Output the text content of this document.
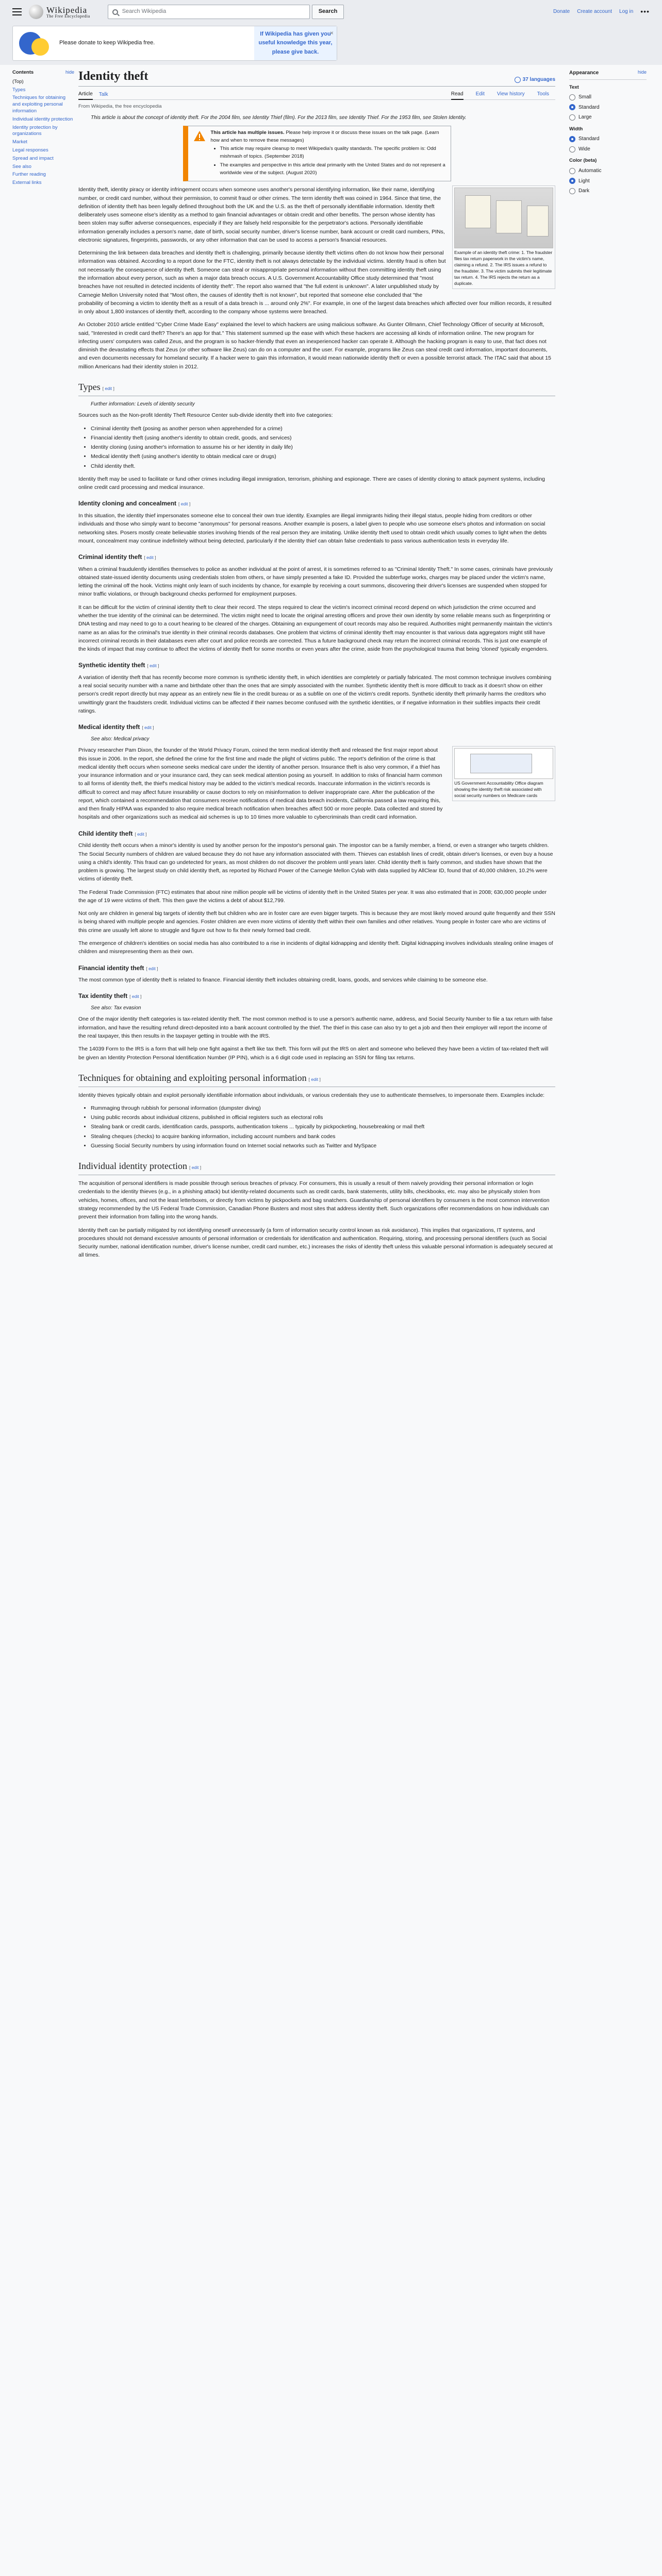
Wikipedia
The Free Encyclopedia
Search Wikipedia	Search	Donate Create account Log in •••
Please donate to keep Wikipedia free.
If Wikipedia has given you useful knowledge this year, please give back.
×
Contents	hide
(Top)
Types
Techniques for obtaining and exploiting personal information
Individual identity protection
Identity protection by organizations
Market
Legal responses
Spread and impact
See also
Further reading
External links
Identity theft	37 languages
Article Talk	Read Edit View history Tools
From Wikipedia, the free encyclopedia
This article is about the concept of identity theft. For the 2004 film, see Identity Thief (film). For the 2013 film, see Identity Thief. For the 1953 film, see Stolen Identity.
This article has multiple issues. Please help improve it or discuss these issues on the talk page. (Learn how and when to remove these messages)
• This article may require cleanup to meet Wikipedia's quality standards. The specific problem is: Odd mishmash of topics. (September 2018)
• The examples and perspective in this article deal primarily with the United States and do not represent a worldwide view of the subject. (August 2020)
Example of an identity theft crime: 1. The fraudster files tax return paperwork in the victim's name, claiming a refund. 2. The IRS issues a refund to the fraudster. 3. The victim submits their legitimate tax return. 4. The IRS rejects the return as a duplicate.

Identity theft, identity piracy or identity infringement occurs when someone uses another's personal identifying information, like their name, identifying number, or credit card number, without their permission, to commit fraud or other crimes. The term identity theft was coined in 1964. Since that time, the definition of identity theft has been legally defined throughout both the UK and the U.S. as the theft of personally identifiable information. Identity theft deliberately uses someone else's identity as a method to gain financial advantages or obtain credit and other benefits. The person whose identity has been stolen may suffer adverse consequences, especially if they are falsely held responsible for the perpetrator's actions. Personally identifiable information generally includes a person's name, date of birth, social security number, driver's license number, bank account or credit card numbers, PINs, electronic signatures, fingerprints, passwords, or any other information that can be used to access a person's financial resources.

Determining the link between data breaches and identity theft is challenging, primarily because identity theft victims often do not know how their personal information was obtained. According to a report done for the FTC, identity theft is not always detectable by the individual victims. Identity fraud is often but not necessarily the consequence of identity theft. Someone can steal or misappropriate personal information without then committing identity theft using the information about every person, such as when a major data breach occurs. A U.S. Government Accountability Office study determined that "most breaches have not resulted in detected incidents of identity theft". The report also warned that "the full extent is unknown". A later unpublished study by Carnegie Mellon University noted that "Most often, the causes of identity theft is not known", but reported that someone else concluded that "the probability of becoming a victim to identity theft as a result of a data breach is ... around only 2%". For example, in one of the largest data breaches which affected over four million records, it resulted in only about 1,800 instances of identity theft, according to the company whose systems were breached.

An October 2010 article entitled "Cyber Crime Made Easy" explained the level to which hackers are using malicious software. As Gunter Ollmann, Chief Technology Officer of security at Microsoft, said, "Interested in credit card theft? There's an app for that." This statement summed up the ease with which these hackers are accessing all kinds of information online. The new program for infecting users' computers was called Zeus, and the program is so hacker-friendly that even an inexperienced hacker can operate it. Although the hacking program is easy to use, that fact does not diminish the devastating effects that Zeus (or other software like Zeus) can do on a computer and the user. For example, programs like Zeus can steal credit card information, important documents, and even documents necessary for homeland security. If a hacker were to gain this information, it would mean nationwide identity theft or even a possible terrorist attack. The ITAC said that about 15 million Americans had their identity stolen in 2012.

Types [ edit ]
Further information: Levels of identity security

Sources such as the Non-profit Identity Theft Resource Center sub-divide identity theft into five categories:

• Criminal identity theft (posing as another person when apprehended for a crime)
• Financial identity theft (using another's identity to obtain credit, goods, and services)
• Identity cloning (using another's information to assume his or her identity in daily life)
• Medical identity theft (using another's identity to obtain medical care or drugs)
• Child identity theft.

Identity theft may be used to facilitate or fund other crimes including illegal immigration, terrorism, phishing and espionage. There are cases of identity cloning to attack payment systems, including online credit card processing and medical insurance.

Identity cloning and concealment [ edit ]

In this situation, the identity thief impersonates someone else to conceal their own true identity. Examples are illegal immigrants hiding their illegal status, people hiding from creditors or other individuals and those who simply want to become "anonymous" for personal reasons. Another example is posers, a label given to people who use someone else's photos and information on social networking sites. Posers mostly create believable stories involving friends of the real person they are imitating. Unlike identity theft used to obtain credit which usually comes to light when the debts mount, concealment may continue indefinitely without being detected, particularly if the identity thief can obtain false credentials to pass various authentication tests in everyday life.

Criminal identity theft [ edit ]

When a criminal fraudulently identifies themselves to police as another individual at the point of arrest, it is sometimes referred to as "Criminal Identity Theft." In some cases, criminals have previously obtained state-issued identity documents using credentials stolen from others, or have simply presented a fake ID. Provided the subterfuge works, charges may be placed under the victim's name, letting the criminal off the hook. Victims might only learn of such incidents by chance, for example by receiving a court summons, discovering their driver's licenses are suspended when stopped for minor traffic violations, or through background checks performed for employment purposes.

It can be difficult for the victim of criminal identity theft to clear their record. The steps required to clear the victim's incorrect criminal record depend on which jurisdiction the crime occurred and whether the true identity of the criminal can be determined. The victim might need to locate the original arresting officers and prove their own identity by some reliable means such as fingerprinting or DNA testing and may need to go to a court hearing to be cleared of the charges. Obtaining an expungement of court records may also be required. Authorities might permanently maintain the victim's name as an alias for the criminal's true identity in their criminal records databases. One problem that victims of criminal identity theft may encounter is that various data aggregators might still have incorrect criminal records in their databases even after court and police records are corrected. Thus a future background check may return the incorrect criminal records. This is just one example of the kinds of impact that may continue to affect the victims of identity theft for some months or even years after the crime, aside from the psychological trauma that being 'cloned' typically engenders.

Synthetic identity theft [ edit ]

A variation of identity theft that has recently become more common is synthetic identity theft, in which identities are completely or partially fabricated. The most common technique involves combining a real social security number with a name and birthdate other than the ones that are simply associated with the number. Synthetic identity theft is more difficult to track as it doesn't show on either person's credit report directly but may appear as an entirely new file in the credit bureau or as a subfile on one of the victim's credit reports. Synthetic identity theft primarily harms the creditors who unwittingly grant the fraudsters credit. Individual victims can be affected if their names become confused with the synthetic identities, or if negative information in their subfiles impacts their credit ratings.

Medical identity theft [ edit ]
See also: Medical privacy
US Government Accountability Office diagram showing the identity theft risk associated with social security numbers on Medicare cards

Privacy researcher Pam Dixon, the founder of the World Privacy Forum, coined the term medical identity theft and released the first major report about this issue in 2006. In the report, she defined the crime for the first time and made the plight of victims public. The report's definition of the crime is that medical identity theft occurs when someone seeks medical care under the identity of another person. Insurance theft is also very common, if a thief has your insurance information and or your insurance card, they can seek medical attention posing as yourself. In addition to risks of financial harm common to all forms of identity theft, the thief's medical history may be added to the victim's medical records. Inaccurate information in the victim's records is difficult to correct and may affect future insurability or cause doctors to rely on misinformation to deliver inappropriate care. After the publication of the report, which contained a recommendation that consumers receive notifications of medical data breach incidents, California passed a law requiring this, and then finally HIPAA was expanded to also require medical breach notification when breaches affect 500 or more people. Data collected and stored by hospitals and other organizations such as medical aid schemes is up to 10 times more valuable to cybercriminals than credit card information.

Child identity theft [ edit ]

Child identity theft occurs when a minor's identity is used by another person for the impostor's personal gain. The impostor can be a family member, a friend, or even a stranger who targets children. The Social Security numbers of children are valued because they do not have any information associated with them. Thieves can establish lines of credit, obtain driver's licenses, or even buy a house using a child's identity. This fraud can go undetected for years, as most children do not discover the problem until years later. Child identity theft is fairly common, and studies have shown that the problem is growing. The largest study on child identity theft, as reported by Richard Power of the Carnegie Mellon Cylab with data supplied by AllClear ID, found that of 40,000 children, 10.2% were victims of identity theft.

The Federal Trade Commission (FTC) estimates that about nine million people will be victims of identity theft in the United States per year. It was also estimated that in 2008; 630,000 people under the age of 19 were victims of theft. This then gave the victims a debt of about $12,799.

Not only are children in general big targets of identity theft but children who are in foster care are even bigger targets. This is because they are most likely moved around quite frequently and their SSN is being shared with multiple people and agencies. Foster children are even more victims of identity theft within their own families and other relatives. Young people in foster care who are victims of this crime are usually left alone to struggle and figure out how to fix their newly formed bad credit.

The emergence of children's identities on social media has also contributed to a rise in incidents of digital kidnapping and identity theft. Digital kidnapping involves individuals stealing online images of children and misrepresenting them as their own.

Financial identity theft [ edit ]

The most common type of identity theft is related to finance. Financial identity theft includes obtaining credit, loans, goods, and services while claiming to be someone else.

Tax identity theft [ edit ]
See also: Tax evasion

One of the major identity theft categories is tax-related identity theft. The most common method is to use a person's authentic name, address, and Social Security Number to file a tax return with false information, and have the resulting refund direct-deposited into a bank account controlled by the thief. The thief in this case can also try to get a job and then their employer will report the income of the real taxpayer, this then results in the taxpayer getting in trouble with the IRS.

The 14039 Form to the IRS is a form that will help one fight against a theft like tax theft. This form will put the IRS on alert and someone who believed they have been a victim of tax-related theft will be given an Identity Protection Personal Identification Number (IP PIN), which is a 6 digit code used in replacing an SSN for filing tax returns.

Techniques for obtaining and exploiting personal information [ edit ]

Identity thieves typically obtain and exploit personally identifiable information about individuals, or various credentials they use to authenticate themselves, to impersonate them. Examples include:

• Rummaging through rubbish for personal information (dumpster diving)
• Using public records about individual citizens, published in official registers such as electoral rolls
• Stealing bank or credit cards, identification cards, passports, authentication tokens ... typically by pickpocketing, housebreaking or mail theft
• Stealing cheques (checks) to acquire banking information, including account numbers and bank codes
• Guessing Social Security numbers by using information found on Internet social networks such as Twitter and MySpace
Individual identity protection [ edit ]

The acquisition of personal identifiers is made possible through serious breaches of privacy. For consumers, this is usually a result of them naively providing their personal information or login credentials to the identity thieves (e.g., in a phishing attack) but identity-related documents such as credit cards, bank statements, utility bills, checkbooks, etc. may also be physically stolen from vehicles, homes, offices, and not the least letterboxes, or directly from victims by pickpockets and bag snatchers. Guardianship of personal identifiers by consumers is the most common intervention strategy recommended by the US Federal Trade Commission, Canadian Phone Busters and most sites that address identity theft. Such organizations offer recommendations on how individuals can prevent their information from falling into the wrong hands.

Identity theft can be partially mitigated by not identifying oneself unnecessarily (a form of information security control known as risk avoidance). This implies that organizations, IT systems, and procedures should not demand excessive amounts of personal information or credentials for identification and authentication. Requiring, storing, and processing personal identifiers (such as Social Security number, national identification number, driver's license number, credit card number, etc.) increases the risks of identity theft unless this valuable personal information is adequately secured at all times.

Appearance	hide
Text
Small
Standard
Large
Width
Standard
Wide
Color (beta)
Automatic
Light
Dark
